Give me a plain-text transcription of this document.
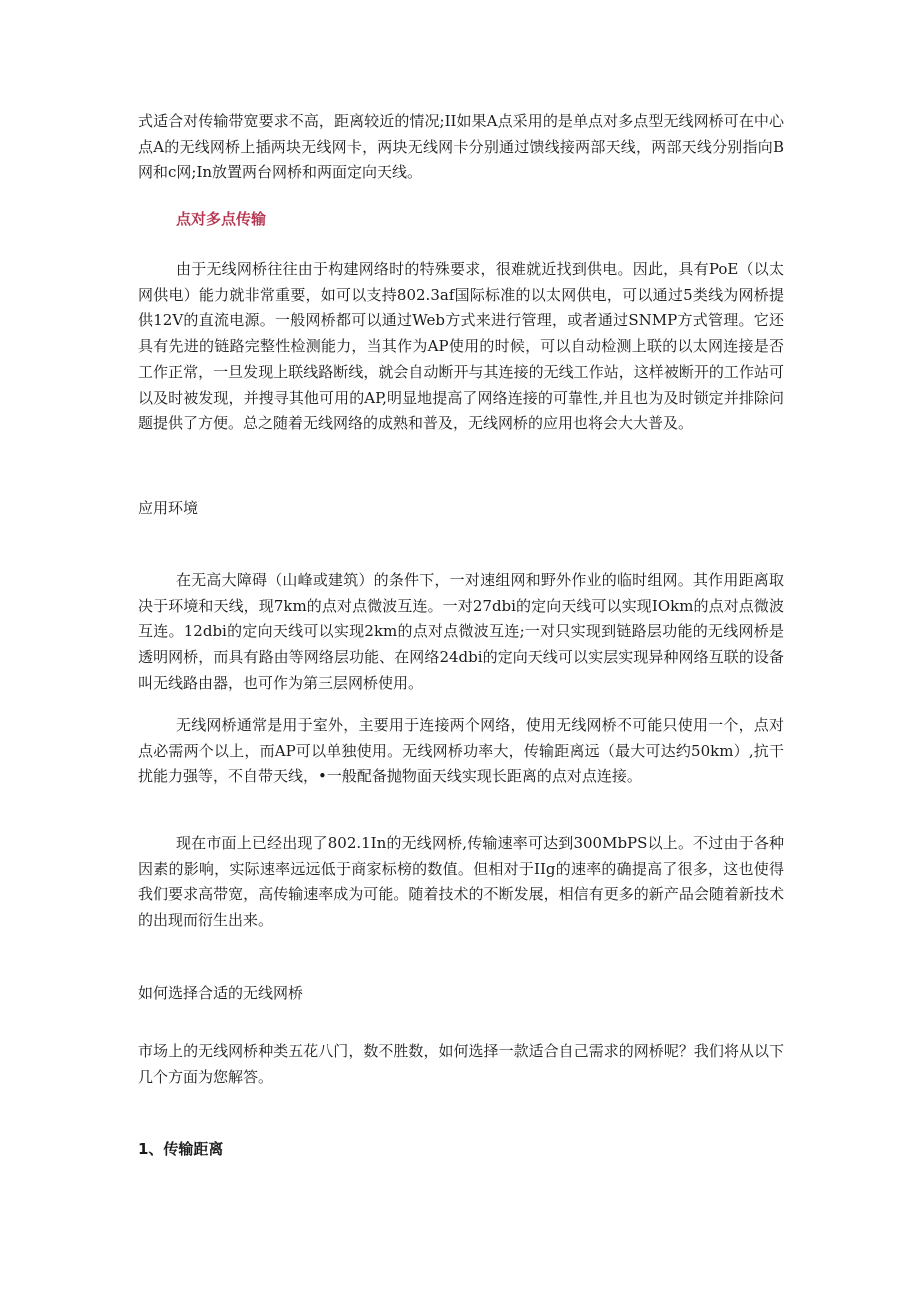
式适合对传输带宽要求不高，距离较近的情况;II如果A点采用的是单点对多点型无线网桥可在中心点A的无线网桥上插两块无线网卡，两块无线网卡分别通过馈线接两部天线，两部天线分别指向B网和c网;In放置两台网桥和两面定向天线。

点对多点传输

由于无线网桥往往由于构建网络时的特殊要求，很难就近找到供电。因此，具有PoE（以太网供电）能力就非常重要，如可以支持802.3af国际标准的以太网供电，可以通过5类线为网桥提供12V的直流电源。一般网桥都可以通过Web方式来进行管理，或者通过SNMP方式管理。它还具有先进的链路完整性检测能力，当其作为AP使用的时候，可以自动检测上联的以太网连接是否工作正常，一旦发现上联线路断线，就会自动断开与其连接的无线工作站，这样被断开的工作站可以及时被发现，并搜寻其他可用的AP,明显地提高了网络连接的可靠性,并且也为及时锁定并排除问题提供了方便。总之随着无线网络的成熟和普及，无线网桥的应用也将会大大普及。

应用环境

在无高大障碍（山峰或建筑）的条件下，一对速组网和野外作业的临时组网。其作用距离取决于环境和天线，现7km的点对点微波互连。一对27dbi的定向天线可以实现IOkm的点对点微波互连。12dbi的定向天线可以实现2km的点对点微波互连;一对只实现到链路层功能的无线网桥是透明网桥，而具有路由等网络层功能、在网络24dbi的定向天线可以实层实现异种网络互联的设备叫无线路由器，也可作为第三层网桥使用。

无线网桥通常是用于室外，主要用于连接两个网络，使用无线网桥不可能只使用一个，点对点必需两个以上，而AP可以单独使用。无线网桥功率大，传输距离远（最大可达约50km）,抗干扰能力强等，不自带天线，•一般配备抛物面天线实现长距离的点对点连接。

现在市面上已经出现了802.1In的无线网桥,传输速率可达到300MbPS以上。不过由于各种因素的影响，实际速率远远低于商家标榜的数值。但相对于IIg的速率的确提高了很多，这也使得我们要求高带宽，高传输速率成为可能。随着技术的不断发展，相信有更多的新产品会随着新技术的出现而衍生出来。

如何选择合适的无线网桥

市场上的无线网桥种类五花八门，数不胜数，如何选择一款适合自己需求的网桥呢？我们将从以下几个方面为您解答。

1、传输距离
